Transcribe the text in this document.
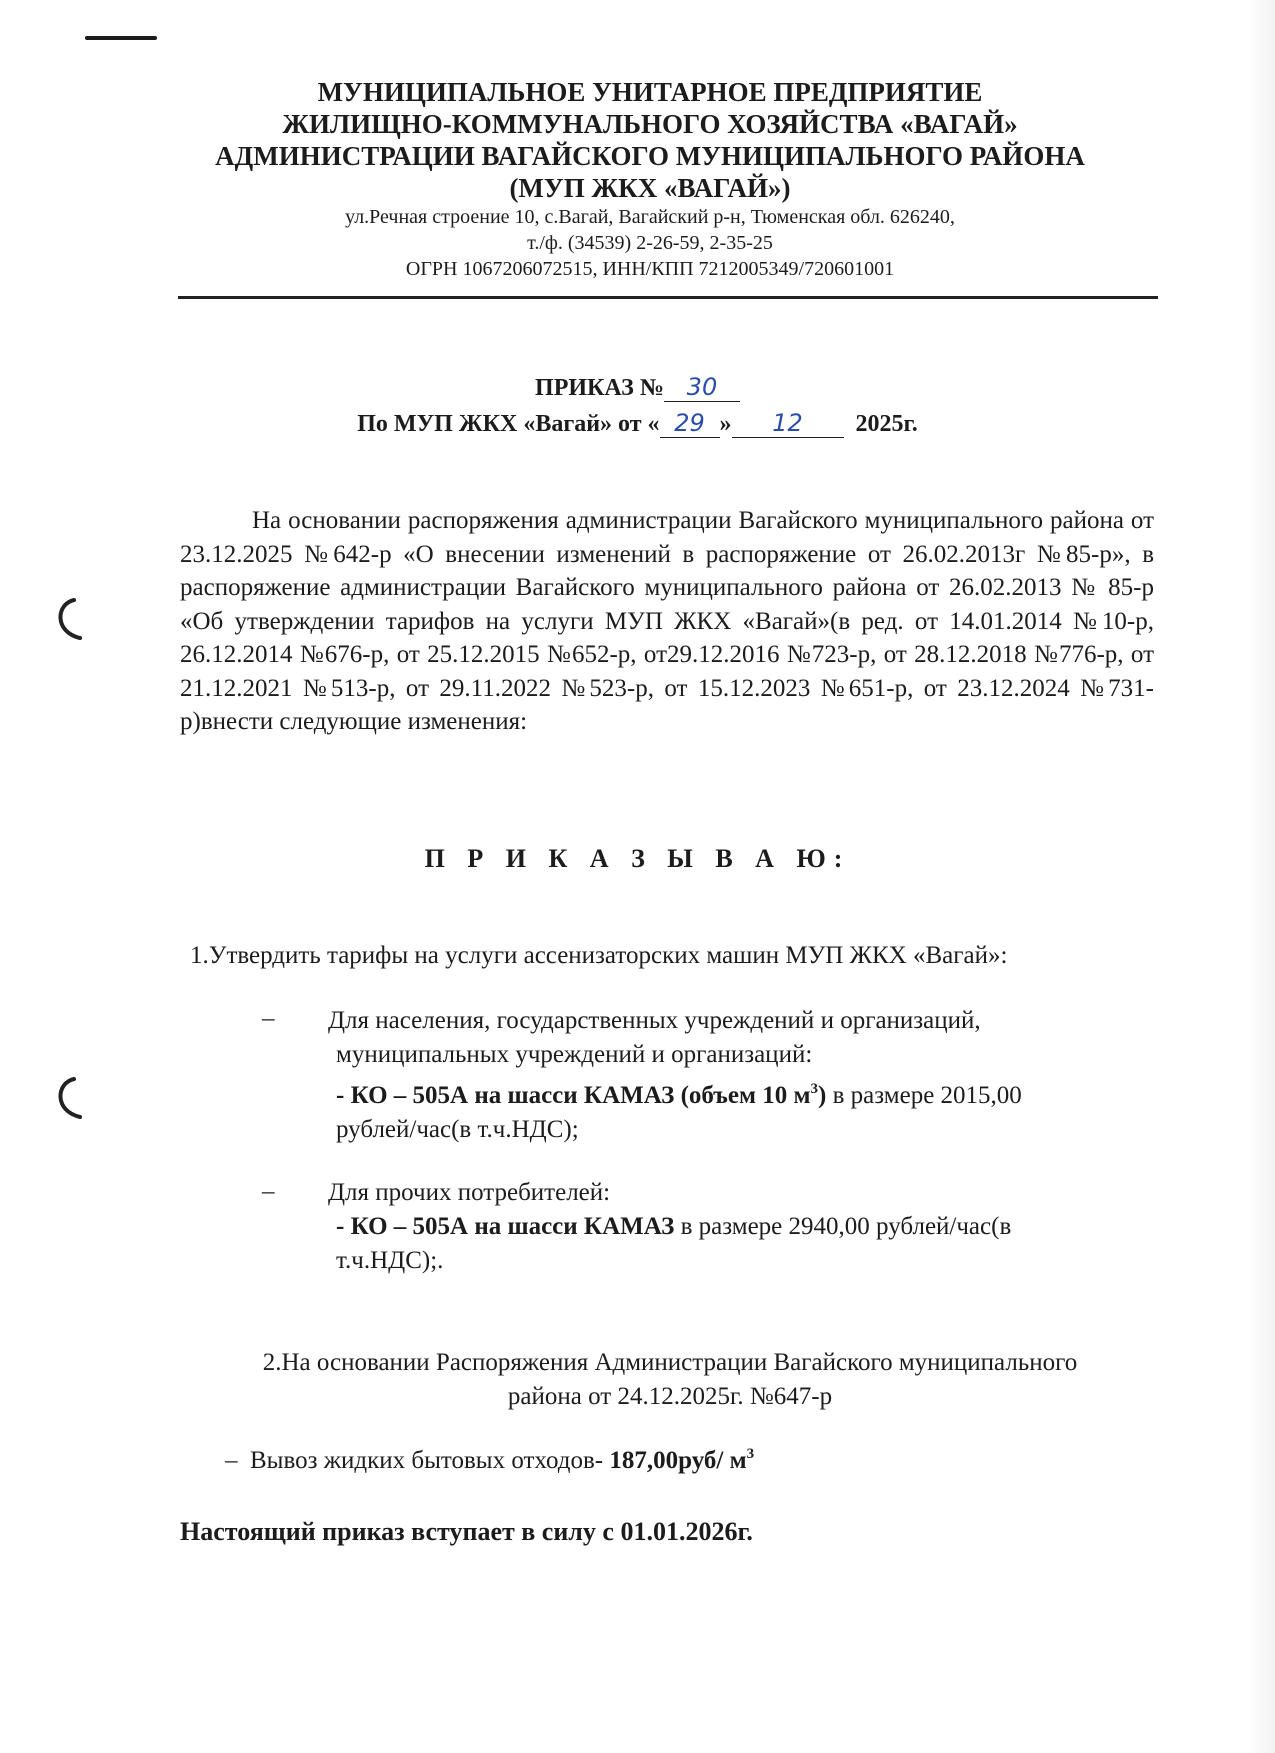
МУНИЦИПАЛЬНОЕ УНИТАРНОЕ ПРЕДПРИЯТИЕ

ЖИЛИЩНО-КОММУНАЛЬНОГО ХОЗЯЙСТВА «ВАГАЙ»

АДМИНИСТРАЦИИ ВАГАЙСКОГО МУНИЦИПАЛЬНОГО РАЙОНА

(МУП ЖКХ «ВАГАЙ»)

ул.Речная строение 10, с.Вагай, Вагайский р-н, Тюменская обл. 626240,

т./ф. (34539) 2-26-59, 2-35-25

ОГРН 1067206072515, ИНН/КПП 7212005349/720601001

ПРИКАЗ № 30
По МУП ЖКХ «Вагай» от « 29 » 12 2025г.
На основании распоряжения администрации Вагайского муниципального района от 23.12.2025 №642-р «О внесении изменений в распоряжение от 26.02.2013г №85-р», в распоряжение администрации Вагайского муниципального района от 26.02.2013 № 85-р «Об утверждении тарифов на услуги МУП ЖКХ «Вагай»(в ред. от 14.01.2014 №10-р, 26.12.2014 №676-р, от 25.12.2015 №652-р, от29.12.2016 №723-р, от 28.12.2018 №776-р, от 21.12.2021 №513-р, от 29.11.2022 №523-р, от 15.12.2023 №651-р, от 23.12.2024 №731-р)внести следующие изменения:
П Р И К А З Ы В А Ю:
1.Утвердить тарифы на услуги ассенизаторских машин МУП ЖКХ «Вагай»:
– Для населения, государственных учреждений и организаций,
муниципальных учреждений и организаций:
- КО – 505А на шасси КАМАЗ (объем 10 $м^3$) в размере 2015,00
рублей/час(в т.ч.НДС);
– Для прочих потребителей:
- КО – 505А на шасси КАМАЗ в размере 2940,00 рублей/час(в
т.ч.НДС);.
2.На основании Распоряжения Администрации Вагайского муниципального
района от 24.12.2025г. №647-р
– Вывоз жидких бытовых отходов- 187,00руб/ $м^3$
Настоящий приказ вступает в силу с 01.01.2026г.
